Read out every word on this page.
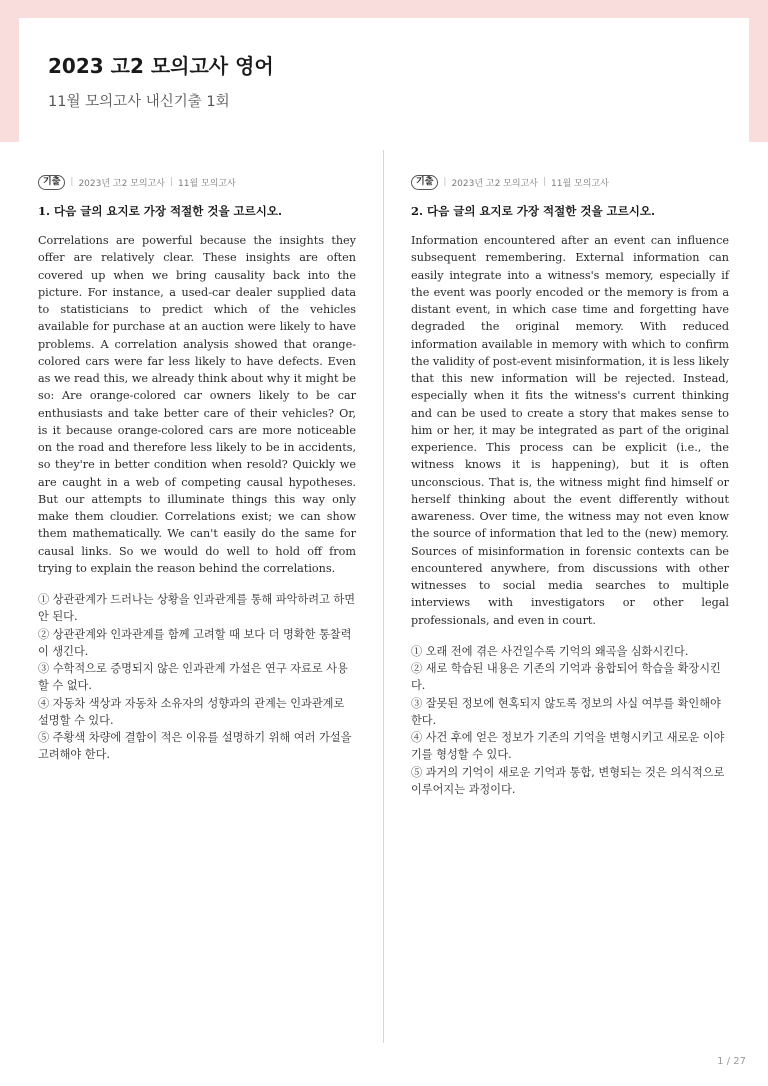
2023 고2 모의고사 영어

11월 모의고사 내신기출 1회

기출	| 2023년 고2 모의고사 | 11월 모의고사

1. 다음 글의 요지로 가장 적절한 것을 고르시오.

Correlations are powerful because the insights they offer are relatively clear. These insights are often covered up when we bring causality back into the picture. For instance, a used-car dealer supplied data to statisticians to predict which of the vehicles available for purchase at an auction were likely to have problems. A correlation analysis showed that orange-colored cars were far less likely to have defects. Even as we read this, we already think about why it might be so: Are orange-colored car owners likely to be car enthusiasts and take better care of their vehicles? Or, is it because orange-colored cars are more noticeable on the road and therefore less likely to be in accidents, so they're in better condition when resold? Quickly we are caught in a web of competing causal hypotheses. But our attempts to illuminate things this way only make them cloudier. Correlations exist; we can show them mathematically. We can't easily do the same for causal links. So we would do well to hold off from trying to explain the reason behind the correlations.

① 상관관계가 드러나는 상황을 인과관계를 통해 파악하려고 하면 안 된다.
② 상관관계와 인과관계를 함께 고려할 때 보다 더 명확한 통찰력이 생긴다.
③ 수학적으로 증명되지 않은 인과관계 가설은 연구 자료로 사용할 수 없다.
④ 자동차 색상과 자동차 소유자의 성향과의 관계는 인과관계로 설명할 수 있다.
⑤ 주황색 차량에 결함이 적은 이유를 설명하기 위해 여러 가설을 고려해야 한다.
기출	| 2023년 고2 모의고사 | 11월 모의고사

2. 다음 글의 요지로 가장 적절한 것을 고르시오.

Information encountered after an event can influence subsequent remembering. External information can easily integrate into a witness's memory, especially if the event was poorly encoded or the memory is from a distant event, in which case time and forgetting have degraded the original memory. With reduced information available in memory with which to confirm the validity of post-event misinformation, it is less likely that this new information will be rejected. Instead, especially when it fits the witness's current thinking and can be used to create a story that makes sense to him or her, it may be integrated as part of the original experience. This process can be explicit (i.e., the witness knows it is happening), but it is often unconscious. That is, the witness might find himself or herself thinking about the event differently without awareness. Over time, the witness may not even know the source of information that led to the (new) memory. Sources of misinformation in forensic contexts can be encountered anywhere, from discussions with other witnesses to social media searches to multiple interviews with investigators or other legal professionals, and even in court.

① 오래 전에 겪은 사건일수록 기억의 왜곡을 심화시킨다.
② 새로 학습된 내용은 기존의 기억과 융합되어 학습을 확장시킨다.
③ 잘못된 정보에 현혹되지 않도록 정보의 사실 여부를 확인해야 한다.
④ 사건 후에 얻은 정보가 기존의 기억을 변형시키고 새로운 이야기를 형성할 수 있다.
⑤ 과거의 기억이 새로운 기억과 통합, 변형되는 것은 의식적으로 이루어지는 과정이다.
1 / 27
